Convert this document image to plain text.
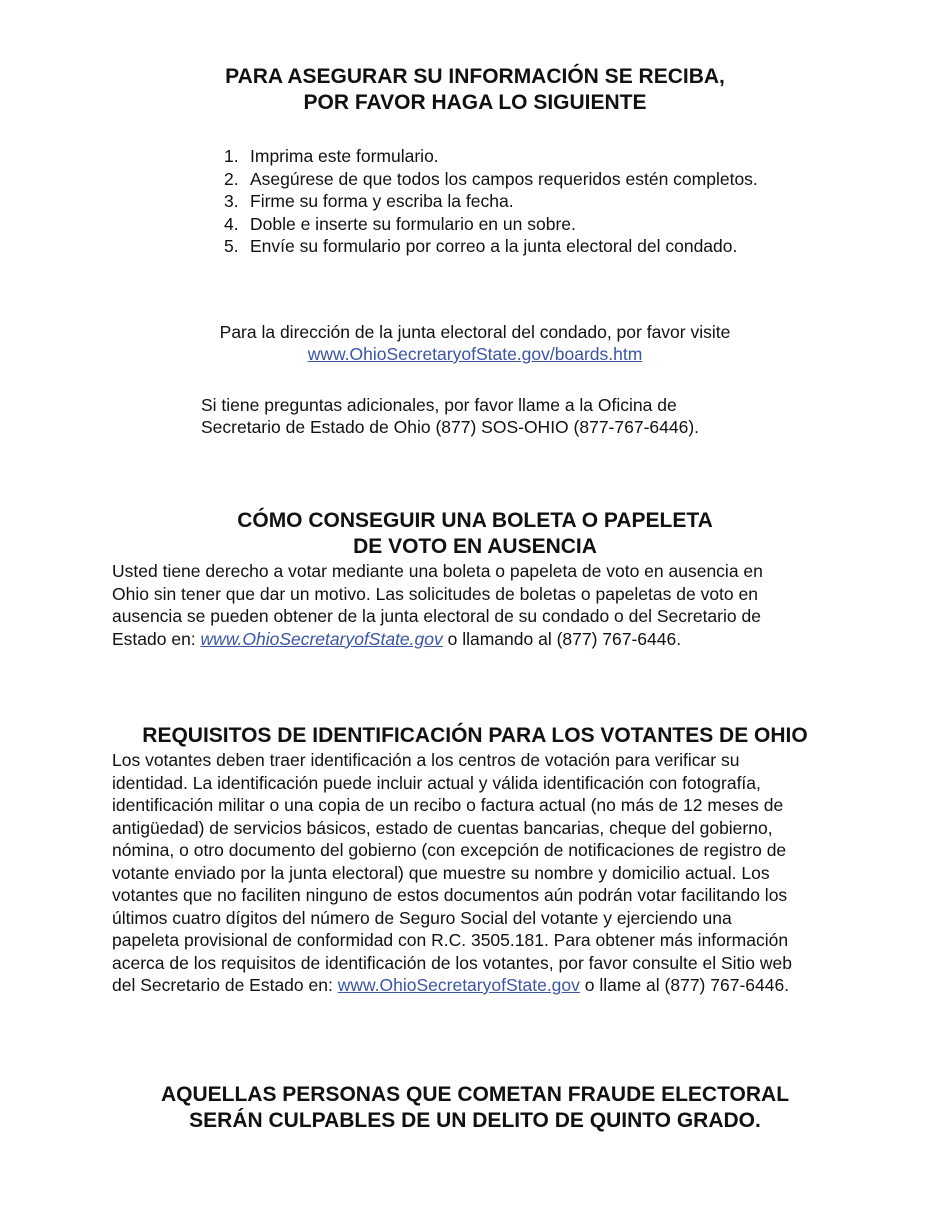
PARA ASEGURAR SU INFORMACIÓN SE RECIBA,
POR FAVOR HAGA LO SIGUIENTE
1. Imprima este formulario.
2. Asegúrese de que todos los campos requeridos estén completos.
3. Firme su forma y escriba la fecha.
4. Doble e inserte su formulario en un sobre.
5. Envíe su formulario por correo a la junta electoral del condado.

Para la dirección de la junta electoral del condado, por favor visite
www.OhioSecretaryofState.gov/boards.htm

Si tiene preguntas adicionales, por favor llame a la Oficina de
Secretario de Estado de Ohio (877) SOS-OHIO (877-767-6446).

CÓMO CONSEGUIR UNA BOLETA O PAPELETA
DE VOTO EN AUSENCIA

Usted tiene derecho a votar mediante una boleta o papeleta de voto en ausencia en
Ohio sin tener que dar un motivo. Las solicitudes de boletas o papeletas de voto en
ausencia se pueden obtener de la junta electoral de su condado o del Secretario de
Estado en: www.OhioSecretaryofState.gov o llamando al (877) 767-6446.

REQUISITOS DE IDENTIFICACIÓN PARA LOS VOTANTES DE OHIO

Los votantes deben traer identificación a los centros de votación para verificar su
identidad. La identificación puede incluir actual y válida identificación con fotografía,
identificación militar o una copia de un recibo o factura actual (no más de 12 meses de
antigüedad) de servicios básicos, estado de cuentas bancarias, cheque del gobierno,
nómina, o otro documento del gobierno (con excepción de notificaciones de registro de
votante enviado por la junta electoral) que muestre su nombre y domicilio actual. Los
votantes que no faciliten ninguno de estos documentos aún podrán votar facilitando los
últimos cuatro dígitos del número de Seguro Social del votante y ejerciendo una
papeleta provisional de conformidad con R.C. 3505.181. Para obtener más información
acerca de los requisitos de identificación de los votantes, por favor consulte el Sitio web
del Secretario de Estado en: www.OhioSecretaryofState.gov o llame al (877) 767-6446.

AQUELLAS PERSONAS QUE COMETAN FRAUDE ELECTORAL
SERÁN CULPABLES DE UN DELITO DE QUINTO GRADO.
